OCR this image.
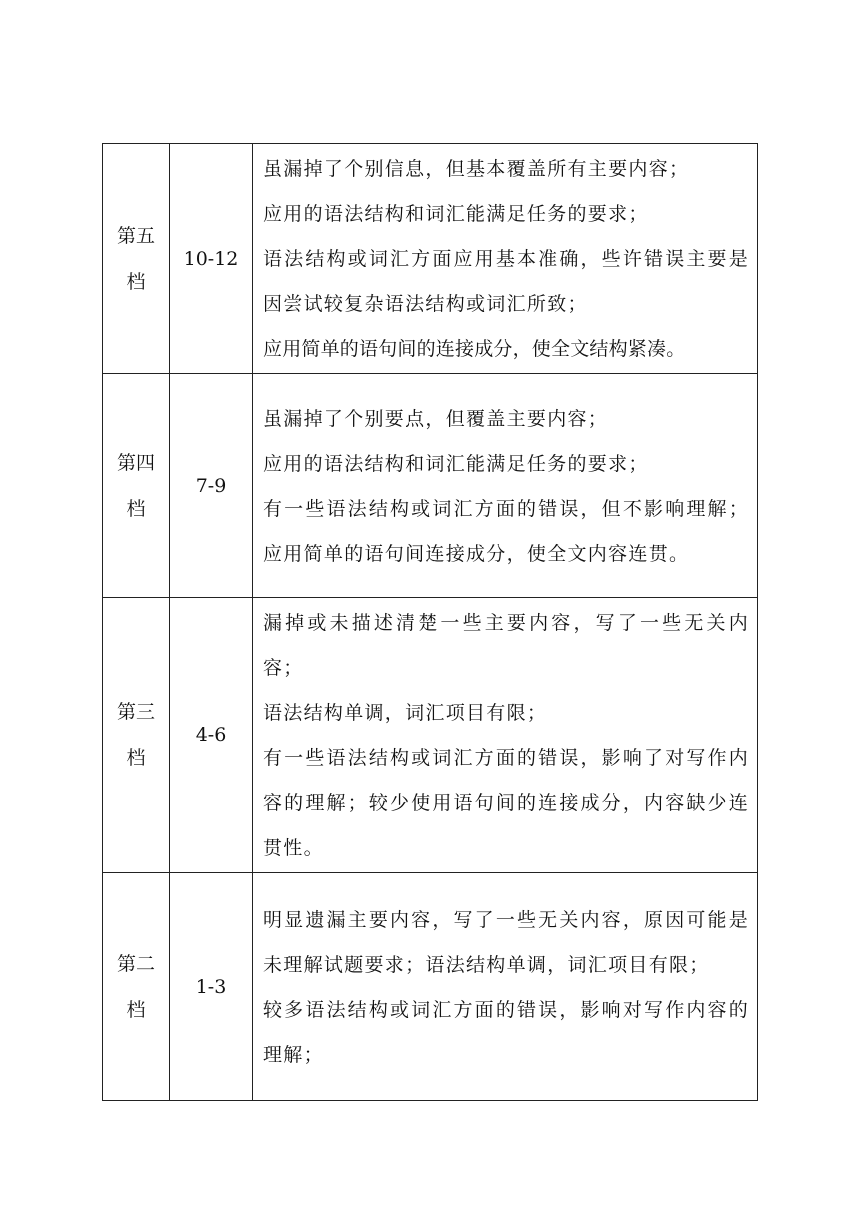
第五档	10-12	虽漏掉了个别信息，但基本覆盖所有主要内容；
应用的语法结构和词汇能满足任务的要求；
语法结构或词汇方面应用基本准确，些许错误主要是因尝试较复杂语法结构或词汇所致；
应用简单的语句间的连接成分，使全文结构紧凑。

第四档	7-9	虽漏掉了个别要点，但覆盖主要内容；
应用的语法结构和词汇能满足任务的要求；
有一些语法结构或词汇方面的错误，但不影响理解；应用简单的语句间连接成分，使全文内容连贯。

第三档	4-6	漏掉或未描述清楚一些主要内容，写了一些无关内容；
语法结构单调，词汇项目有限；
有一些语法结构或词汇方面的错误，影响了对写作内容的理解；较少使用语句间的连接成分，内容缺少连贯性。

第二档	1-3	明显遗漏主要内容，写了一些无关内容，原因可能是未理解试题要求；语法结构单调，词汇项目有限；
较多语法结构或词汇方面的错误，影响对写作内容的理解；
